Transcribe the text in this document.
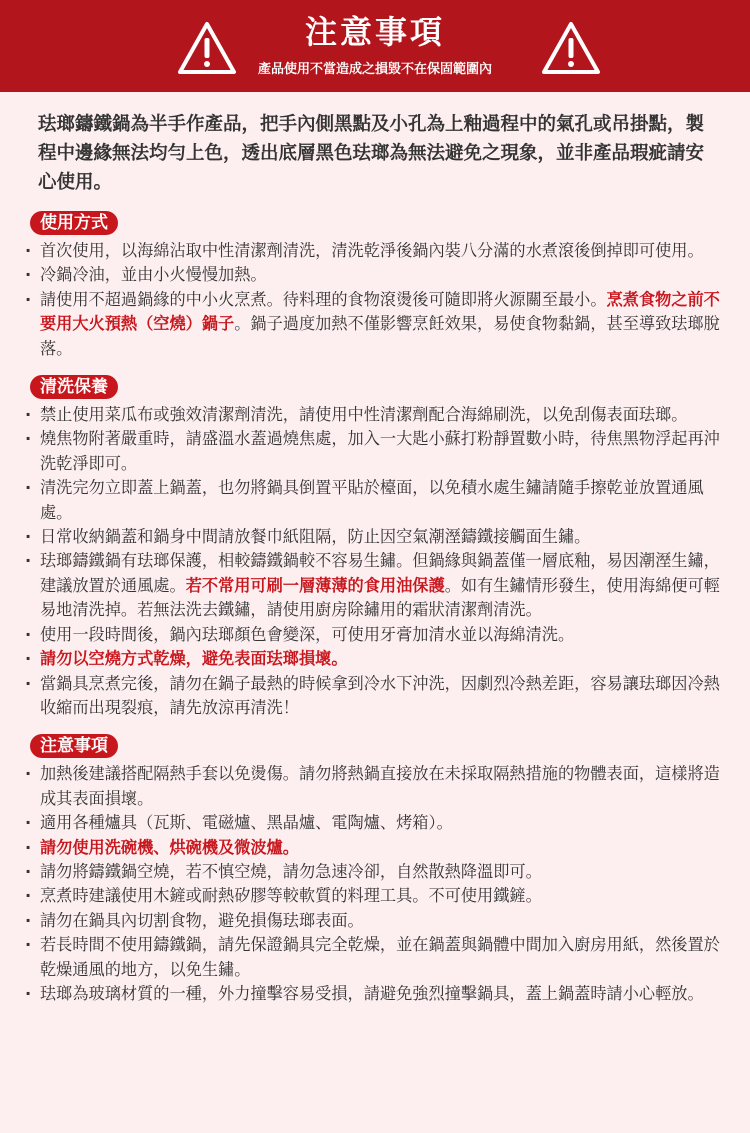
注意事項
產品使用不當造成之損毀不在保固範圍內
珐瑯鑄鐵鍋為半手作產品，把手內側黑點及小孔為上釉過程中的氣孔或吊掛點，製程中邊緣無法均勻上色，透出底層黑色珐瑯為無法避免之現象，並非產品瑕疵請安心使用。
使用方式
· 首次使用，以海綿沾取中性清潔劑清洗，清洗乾淨後鍋內裝八分滿的水煮滾後倒掉即可使用。
· 冷鍋冷油，並由小火慢慢加熱。
· 請使用不超過鍋緣的中小火烹煮。待料理的食物滾燙後可隨即將火源關至最小。烹煮食物之前不要用大火預熱（空燒）鍋子。鍋子過度加熱不僅影響烹飪效果，易使食物黏鍋，甚至導致珐瑯脫落。
清洗保養
· 禁止使用菜瓜布或強效清潔劑清洗，請使用中性清潔劑配合海綿刷洗，以免刮傷表面珐瑯。
· 燒焦物附著嚴重時，請盛溫水蓋過燒焦處，加入一大匙小蘇打粉靜置數小時，待焦黑物浮起再沖洗乾淨即可。
· 清洗完勿立即蓋上鍋蓋，也勿將鍋具倒置平貼於檯面，以免積水處生鏽請隨手擦乾並放置通風處。
· 日常收納鍋蓋和鍋身中間請放餐巾紙阻隔，防止因空氣潮溼鑄鐵接觸面生鏽。
· 珐瑯鑄鐵鍋有珐瑯保護，相較鑄鐵鍋較不容易生鏽。但鍋緣與鍋蓋僅一層底釉，易因潮溼生鏽，建議放置於通風處。若不常用可刷一層薄薄的食用油保護。如有生鏽情形發生，使用海綿便可輕易地清洗掉。若無法洗去鐵鏽，請使用廚房除鏽用的霜狀清潔劑清洗。
· 使用一段時間後，鍋內珐瑯顏色會變深，可使用牙膏加清水並以海綿清洗。
· 請勿以空燒方式乾燥，避免表面珐瑯損壞。
· 當鍋具烹煮完後，請勿在鍋子最熱的時候拿到冷水下沖洗，因劇烈冷熱差距，容易讓珐瑯因冷熱收縮而出現裂痕，請先放涼再清洗！
注意事項
· 加熱後建議搭配隔熱手套以免燙傷。請勿將熱鍋直接放在未採取隔熱措施的物體表面，這樣將造成其表面損壞。
· 適用各種爐具（瓦斯、電磁爐、黑晶爐、電陶爐、烤箱）。
· 請勿使用洗碗機、烘碗機及微波爐。
· 請勿將鑄鐵鍋空燒，若不慎空燒，請勿急速冷卻，自然散熱降溫即可。
· 烹煮時建議使用木鏟或耐熱矽膠等較軟質的料理工具。不可使用鐵鏟。
· 請勿在鍋具內切割食物，避免損傷珐瑯表面。
· 若長時間不使用鑄鐵鍋，請先保證鍋具完全乾燥，並在鍋蓋與鍋體中間加入廚房用紙，然後置於乾燥通風的地方，以免生鏽。
· 珐瑯為玻璃材質的一種，外力撞擊容易受損，請避免強烈撞擊鍋具，蓋上鍋蓋時請小心輕放。
